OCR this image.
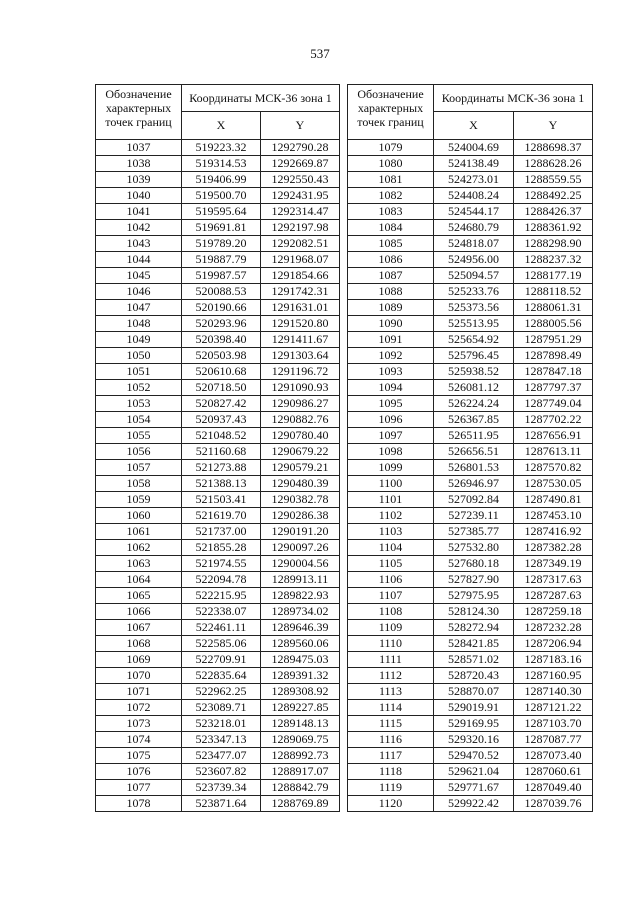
537
Обозначение характерных точек границ	Координаты МСК-36 зона 1	
	X	Y
1037	519223.32	1292790.28
1038	519314.53	1292669.87
1039	519406.99	1292550.43
1040	519500.70	1292431.95
1041	519595.64	1292314.47
1042	519691.81	1292197.98
1043	519789.20	1292082.51
1044	519887.79	1291968.07
1045	519987.57	1291854.66
1046	520088.53	1291742.31
1047	520190.66	1291631.01
1048	520293.96	1291520.80
1049	520398.40	1291411.67
1050	520503.98	1291303.64
1051	520610.68	1291196.72
1052	520718.50	1291090.93
1053	520827.42	1290986.27
1054	520937.43	1290882.76
1055	521048.52	1290780.40
1056	521160.68	1290679.22
1057	521273.88	1290579.21
1058	521388.13	1290480.39
1059	521503.41	1290382.78
1060	521619.70	1290286.38
1061	521737.00	1290191.20
1062	521855.28	1290097.26
1063	521974.55	1290004.56
1064	522094.78	1289913.11
1065	522215.95	1289822.93
1066	522338.07	1289734.02
1067	522461.11	1289646.39
1068	522585.06	1289560.06
1069	522709.91	1289475.03
1070	522835.64	1289391.32
1071	522962.25	1289308.92
1072	523089.71	1289227.85
1073	523218.01	1289148.13
1074	523347.13	1289069.75
1075	523477.07	1288992.73
1076	523607.82	1288917.07
1077	523739.34	1288842.79
1078	523871.64	1288769.89
Обозначение характерных точек границ	Координаты МСК-36 зона 1	
	X	Y
1079	524004.69	1288698.37
1080	524138.49	1288628.26
1081	524273.01	1288559.55
1082	524408.24	1288492.25
1083	524544.17	1288426.37
1084	524680.79	1288361.92
1085	524818.07	1288298.90
1086	524956.00	1288237.32
1087	525094.57	1288177.19
1088	525233.76	1288118.52
1089	525373.56	1288061.31
1090	525513.95	1288005.56
1091	525654.92	1287951.29
1092	525796.45	1287898.49
1093	525938.52	1287847.18
1094	526081.12	1287797.37
1095	526224.24	1287749.04
1096	526367.85	1287702.22
1097	526511.95	1287656.91
1098	526656.51	1287613.11
1099	526801.53	1287570.82
1100	526946.97	1287530.05
1101	527092.84	1287490.81
1102	527239.11	1287453.10
1103	527385.77	1287416.92
1104	527532.80	1287382.28
1105	527680.18	1287349.19
1106	527827.90	1287317.63
1107	527975.95	1287287.63
1108	528124.30	1287259.18
1109	528272.94	1287232.28
1110	528421.85	1287206.94
1111	528571.02	1287183.16
1112	528720.43	1287160.95
1113	528870.07	1287140.30
1114	529019.91	1287121.22
1115	529169.95	1287103.70
1116	529320.16	1287087.77
1117	529470.52	1287073.40
1118	529621.04	1287060.61
1119	529771.67	1287049.40
1120	529922.42	1287039.76
